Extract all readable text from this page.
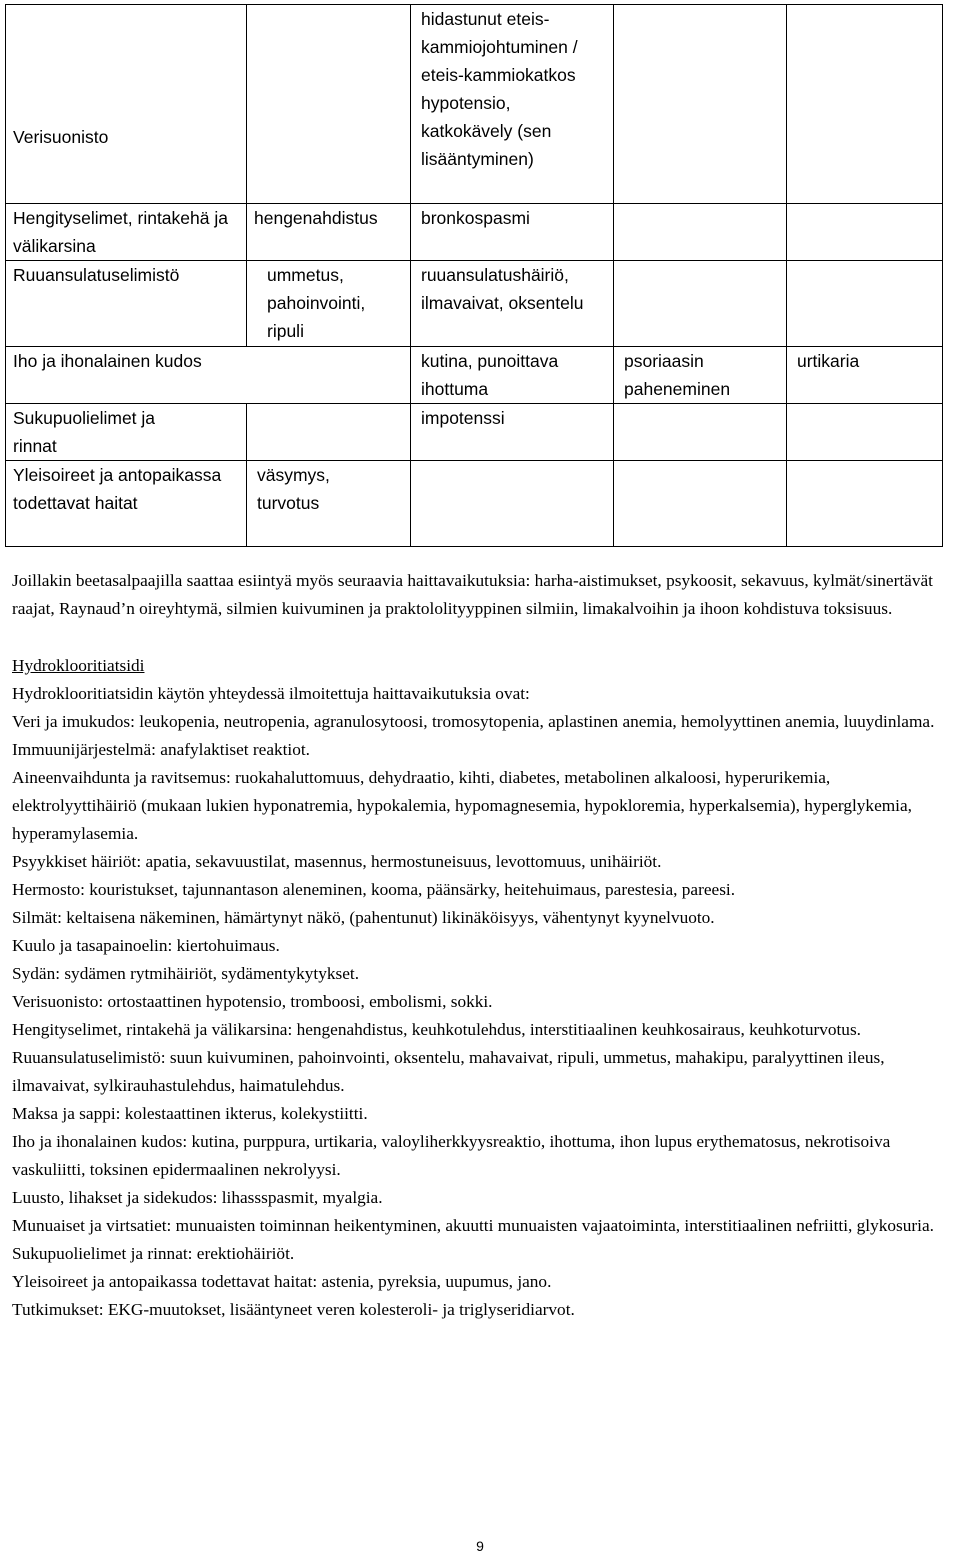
Verisuonisto		hidastunut eteis-kammiojohtuminen / eteis-kammiokatkos hypotensio, katkokävely (sen lisääntyminen)		
Hengityselimet, rintakehä ja välikarsina	hengenahdistus	bronkospasmi		
Ruuansulatuselimistö	ummetus, pahoinvointi, ripuli	ruuansulatushäiriö, ilmavaivat, oksentelu		
Iho ja ihonalainen kudos		kutina, punoittava ihottuma	psoriaasin paheneminen	urtikaria
Sukupuolielimet ja rinnat		impotenssi		
Yleisoireet ja antopaikassa todettavat haitat	väsymys, turvotus			

Joillakin beetasalpaajilla saattaa esiintyä myös seuraavia haittavaikutuksia: harha-aistimukset, psykoosit, sekavuus, kylmät/sinertävät raajat, Raynaud’n oireyhtymä, silmien kuivuminen ja praktololityyppinen silmiin, limakalvoihin ja ihoon kohdistuva toksisuus.

Hydroklooritiatsidi

Hydroklooritiatsidin käytön yhteydessä ilmoitettuja haittavaikutuksia ovat:

Veri ja imukudos: leukopenia, neutropenia, agranulosytoosi, tromosytopenia, aplastinen anemia, hemolyyttinen anemia, luuydinlama.

Immuunijärjestelmä: anafylaktiset reaktiot.

Aineenvaihdunta ja ravitsemus: ruokahaluttomuus, dehydraatio, kihti, diabetes, metabolinen alkaloosi, hyperurikemia, elektrolyyttihäiriö (mukaan lukien hyponatremia, hypokalemia, hypomagnesemia, hypokloremia, hyperkalsemia), hyperglykemia, hyperamylasemia.

Psyykkiset häiriöt: apatia, sekavuustilat, masennus, hermostuneisuus, levottomuus, unihäiriöt.

Hermosto: kouristukset, tajunnantason aleneminen, kooma, päänsärky, heitehuimaus, parestesia, pareesi.

Silmät: keltaisena näkeminen, hämärtynyt näkö, (pahentunut) likinäköisyys, vähentynyt kyynelvuoto.

Kuulo ja tasapainoelin: kiertohuimaus.

Sydän: sydämen rytmihäiriöt, sydämentykytykset.

Verisuonisto: ortostaattinen hypotensio, tromboosi, embolismi, sokki.

Hengityselimet, rintakehä ja välikarsina: hengenahdistus, keuhkotulehdus, interstitiaalinen keuhkosairaus, keuhkoturvotus.

Ruuansulatuselimistö: suun kuivuminen, pahoinvointi, oksentelu, mahavaivat, ripuli, ummetus, mahakipu, paralyyttinen ileus, ilmavaivat, sylkirauhastulehdus, haimatulehdus.

Maksa ja sappi: kolestaattinen ikterus, kolekystiitti.

Iho ja ihonalainen kudos: kutina, purppura, urtikaria, valoyliherkkyysreaktio, ihottuma, ihon lupus erythematosus, nekrotisoiva vaskuliitti, toksinen epidermaalinen nekrolyysi.

Luusto, lihakset ja sidekudos: lihassspasmit, myalgia.

Munuaiset ja virtsatiet: munuaisten toiminnan heikentyminen, akuutti munuaisten vajaatoiminta, interstitiaalinen nefriitti, glykosuria.

Sukupuolielimet ja rinnat: erektiohäiriöt.

Yleisoireet ja antopaikassa todettavat haitat: astenia, pyreksia, uupumus, jano.

Tutkimukset: EKG-muutokset, lisääntyneet veren kolesteroli- ja triglyseridiarvot.

9
